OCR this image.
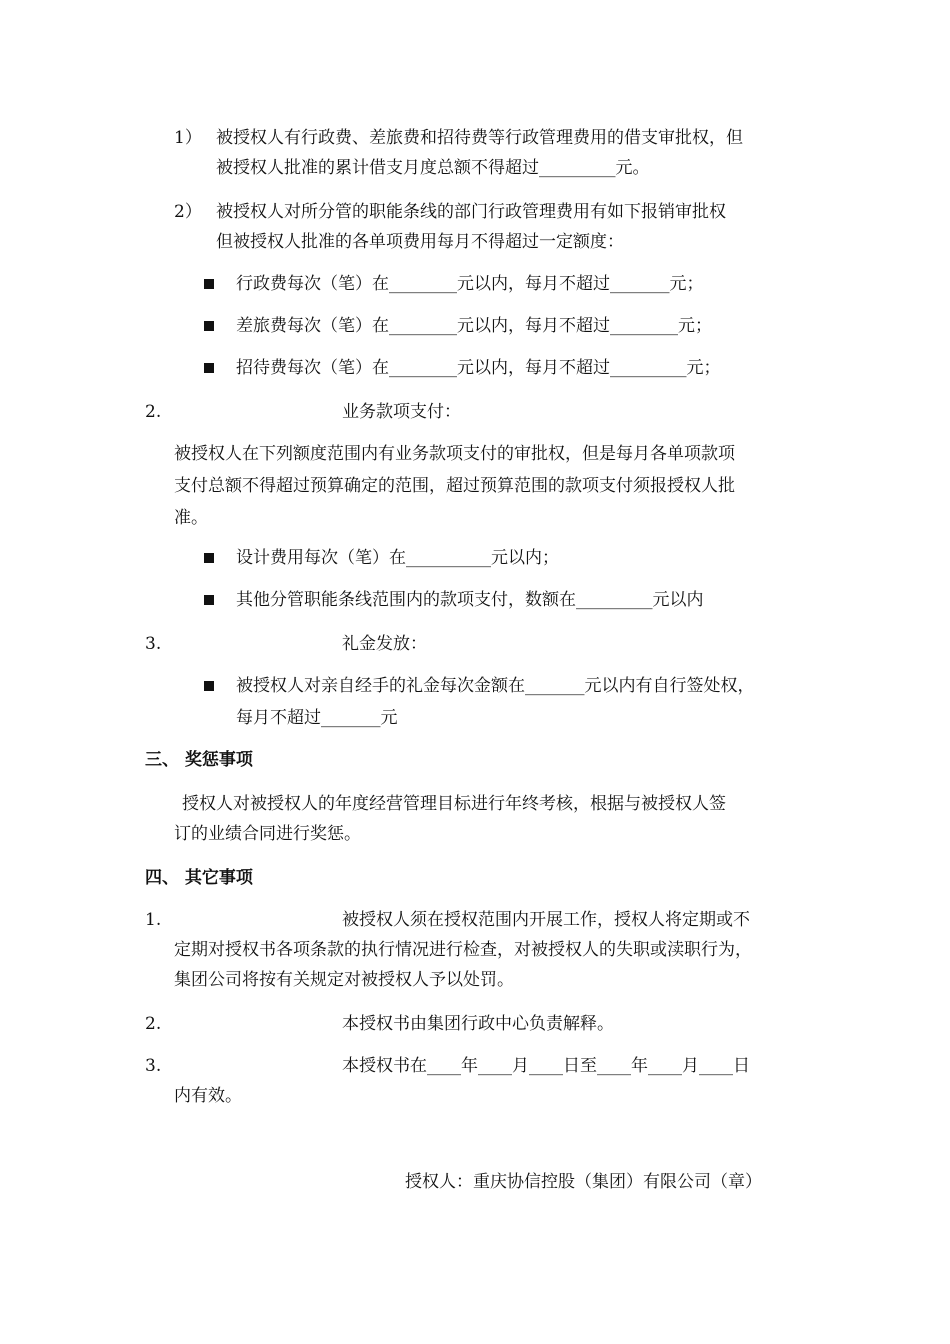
1） 被授权人有行政费、差旅费和招待费等行政管理费用的借支审批权，但
被授权人批准的累计借支月度总额不得超过_________元。
2） 被授权人对所分管的职能条线的部门行政管理费用有如下报销审批权
但被授权人批准的各单项费用每月不得超过一定额度：
行政费每次（笔）在________元以内，每月不超过_______元；
差旅费每次（笔）在________元以内，每月不超过________元；
招待费每次（笔）在________元以内，每月不超过_________元；
2.	业务款项支付：
被授权人在下列额度范围内有业务款项支付的审批权，但是每月各单项款项
支付总额不得超过预算确定的范围，超过预算范围的款项支付须报授权人批
准。
设计费用每次（笔）在__________元以内；
其他分管职能条线范围内的款项支付，数额在_________元以内
3.	礼金发放：
被授权人对亲自经手的礼金每次金额在_______元以内有自行签处权，
每月不超过_______元
三、 奖惩事项
授权人对被授权人的年度经营管理目标进行年终考核，根据与被授权人签
订的业绩合同进行奖惩。
四、 其它事项
1.	被授权人须在授权范围内开展工作，授权人将定期或不
定期对授权书各项条款的执行情况进行检查，对被授权人的失职或渎职行为，
集团公司将按有关规定对被授权人予以处罚。
2.	本授权书由集团行政中心负责解释。
3.	本授权书在____年____月____日至____年____月____日
内有效。
授权人：重庆协信控股（集团）有限公司（章）
